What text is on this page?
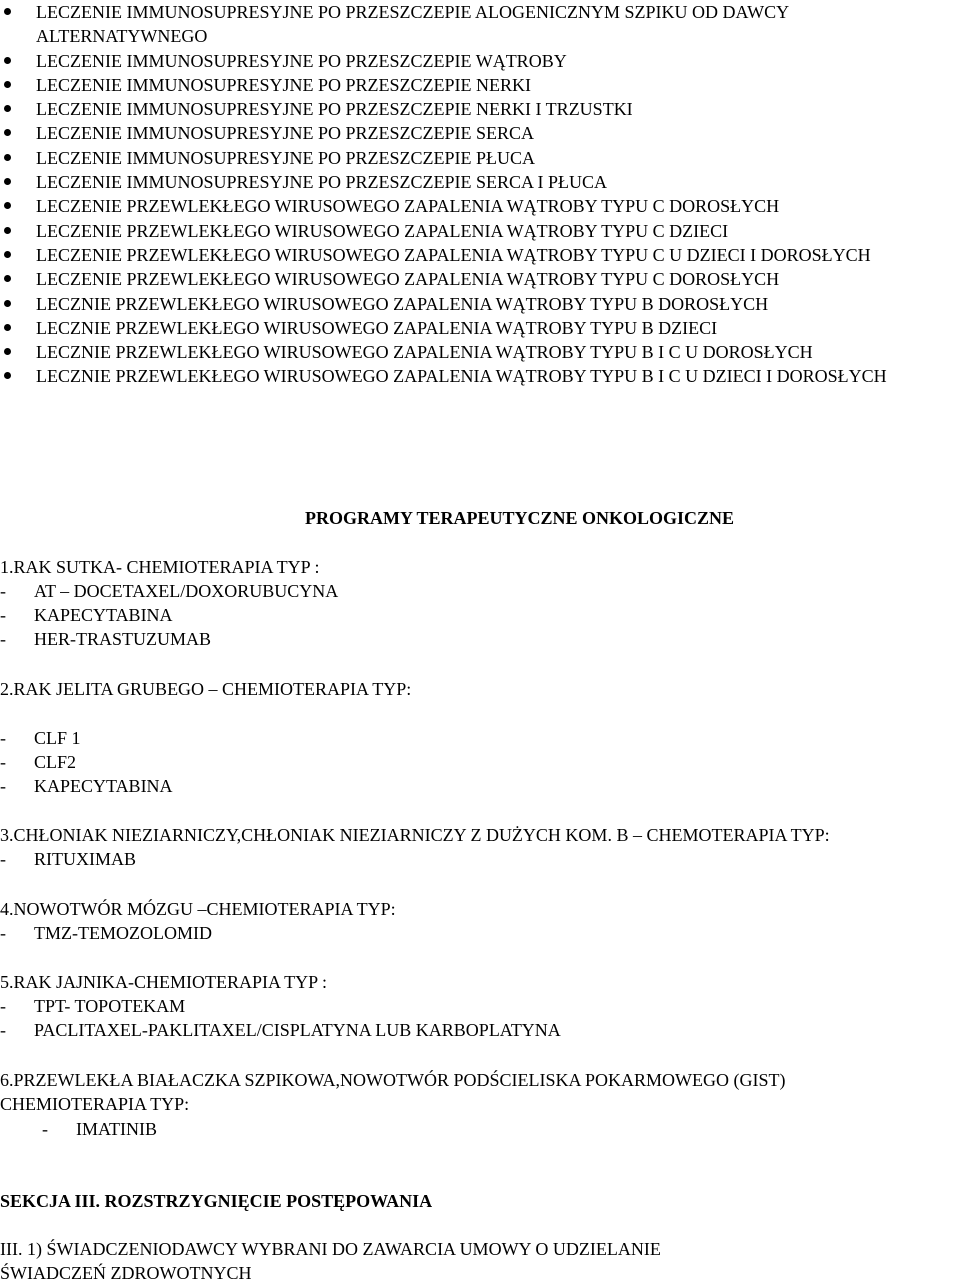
LECZENIE IMMUNOSUPRESYJNE PO PRZESZCZEPIE ALOGENICZNYM SZPIKU OD DAWCY ALTERNATYWNEGO
LECZENIE IMMUNOSUPRESYJNE PO PRZESZCZEPIE WĄTROBY
LECZENIE IMMUNOSUPRESYJNE PO PRZESZCZEPIE NERKI
LECZENIE IMMUNOSUPRESYJNE PO PRZESZCZEPIE NERKI I TRZUSTKI
LECZENIE IMMUNOSUPRESYJNE PO PRZESZCZEPIE SERCA
LECZENIE IMMUNOSUPRESYJNE PO PRZESZCZEPIE PŁUCA
LECZENIE IMMUNOSUPRESYJNE PO PRZESZCZEPIE SERCA I PŁUCA
LECZENIE PRZEWLEKŁEGO WIRUSOWEGO ZAPALENIA WĄTROBY TYPU C DOROSŁYCH
LECZENIE PRZEWLEKŁEGO WIRUSOWEGO ZAPALENIA WĄTROBY TYPU C DZIECI
LECZENIE PRZEWLEKŁEGO WIRUSOWEGO ZAPALENIA WĄTROBY TYPU C U DZIECI I DOROSŁYCH
LECZENIE PRZEWLEKŁEGO WIRUSOWEGO ZAPALENIA WĄTROBY TYPU C DOROSŁYCH
LECZNIE PRZEWLEKŁEGO WIRUSOWEGO ZAPALENIA WĄTROBY TYPU B DOROSŁYCH
LECZNIE PRZEWLEKŁEGO WIRUSOWEGO ZAPALENIA WĄTROBY TYPU B DZIECI
LECZNIE PRZEWLEKŁEGO WIRUSOWEGO ZAPALENIA WĄTROBY TYPU B I C U DOROSŁYCH
LECZNIE PRZEWLEKŁEGO WIRUSOWEGO ZAPALENIA WĄTROBY TYPU B I C U DZIECI I DOROSŁYCH
PROGRAMY TERAPEUTYCZNE ONKOLOGICZNE
1.RAK SUTKA- CHEMIOTERAPIA TYP :
- AT – DOCETAXEL/DOXORUBUCYNA
- KAPECYTABINA
- HER-TRASTUZUMAB
2.RAK JELITA GRUBEGO – CHEMIOTERAPIA TYP:
- CLF 1
- CLF2
- KAPECYTABINA
3.CHŁONIAK NIEZIARNICZY,CHŁONIAK NIEZIARNICZY Z DUŻYCH KOM. B – CHEMOTERAPIA TYP:
- RITUXIMAB
4.NOWOTWÓR MÓZGU –CHEMIOTERAPIA TYP:
- TMZ-TEMOZOLOMID
5.RAK JAJNIKA-CHEMIOTERAPIA TYP :
- TPT- TOPOTEKAM
- PACLITAXEL-PAKLITAXEL/CISPLATYNA LUB KARBOPLATYNA
6.PRZEWLEKŁA BIAŁACZKA SZPIKOWA,NOWOTWÓR PODŚCIELISKA POKARMOWEGO (GIST)
CHEMIOTERAPIA TYP:
- IMATINIB
SEKCJA III. ROZSTRZYGNIĘCIE POSTĘPOWANIA
III. 1) ŚWIADCZENIODAWCY WYBRANI DO ZAWARCIA UMOWY O UDZIELANIE
ŚWIADCZEŃ ZDROWOTNYCH
